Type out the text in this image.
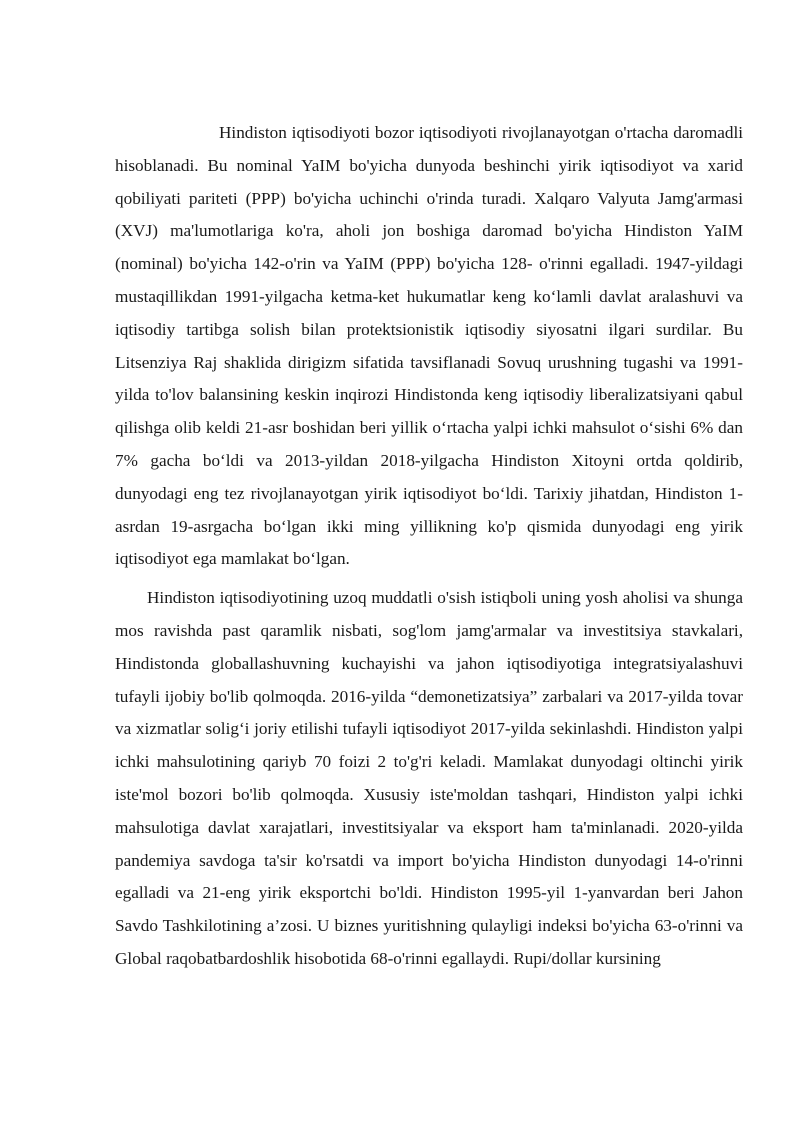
Hindiston iqtisodiyoti bozor iqtisodiyoti rivojlanayotgan o'rtacha daromadli hisoblanadi. Bu nominal YaIM bo'yicha dunyoda beshinchi yirik iqtisodiyot va xarid qobiliyati pariteti (PPP) bo'yicha uchinchi o'rinda turadi. Xalqaro Valyuta Jamg'armasi (XVJ) ma'lumotlariga ko'ra, aholi jon boshiga daromad bo'yicha Hindiston YaIM (nominal) bo'yicha 142-o'rin va YaIM (PPP) bo'yicha 128- o'rinni egalladi. 1947-yildagi mustaqillikdan 1991-yilgacha ketma-ket hukumatlar keng ko‘lamli davlat aralashuvi va iqtisodiy tartibga solish bilan protektsionistik iqtisodiy siyosatni ilgari surdilar. Bu Litsenziya Raj shaklida dirigizm sifatida tavsiflanadi Sovuq urushning tugashi va 1991-yilda to'lov balansining keskin inqirozi Hindistonda keng iqtisodiy liberalizatsiyani qabul qilishga olib keldi 21-asr boshidan beri yillik o‘rtacha yalpi ichki mahsulot o‘sishi 6% dan 7% gacha bo‘ldi va 2013-yildan 2018-yilgacha Hindiston Xitoyni ortda qoldirib, dunyodagi eng tez rivojlanayotgan yirik iqtisodiyot bo‘ldi. Tarixiy jihatdan, Hindiston 1-asrdan 19-asrgacha bo‘lgan ikki ming yillikning ko'p qismida dunyodagi eng yirik iqtisodiyot ega mamlakat bo‘lgan.

Hindiston iqtisodiyotining uzoq muddatli o'sish istiqboli uning yosh aholisi va shunga mos ravishda past qaramlik nisbati, sog'lom jamg'armalar va investitsiya stavkalari, Hindistonda globallashuvning kuchayishi va jahon iqtisodiyotiga integratsiyalashuvi tufayli ijobiy bo'lib qolmoqda. 2016-yilda “demonetizatsiya” zarbalari va 2017-yilda tovar va xizmatlar solig‘i joriy etilishi tufayli iqtisodiyot 2017-yilda sekinlashdi. Hindiston yalpi ichki mahsulotining qariyb 70 foizi 2 to'g'ri keladi. Mamlakat dunyodagi oltinchi yirik iste'mol bozori bo'lib qolmoqda. Xususiy iste'moldan tashqari, Hindiston yalpi ichki mahsulotiga davlat xarajatlari, investitsiyalar va eksport ham ta'minlanadi. 2020-yilda pandemiya savdoga ta'sir ko'rsatdi va import bo'yicha Hindiston dunyodagi 14-o'rinni egalladi va 21-eng yirik eksportchi bo'ldi. Hindiston 1995-yil 1-yanvardan beri Jahon Savdo Tashkilotining a’zosi. U biznes yuritishning qulayligi indeksi bo'yicha 63-o'rinni va Global raqobatbardoshlik hisobotida 68-o'rinni egallaydi. Rupi/dollar kursining
